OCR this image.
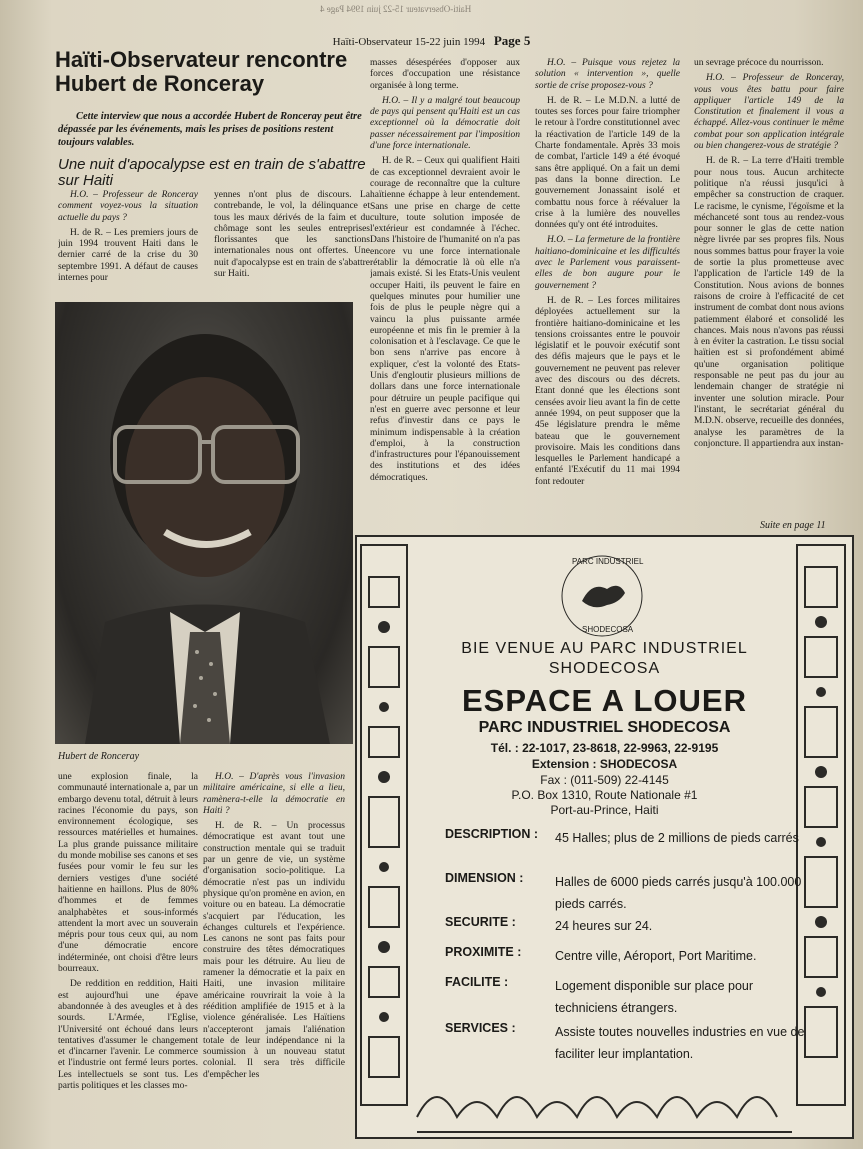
Haiti-Observateur 15-22 juin 1994 Page 4
Haïti-Observateur 15-22 juin 1994 Page 5
Haïti-Observateur rencontre Hubert de Ronceray
Cette interview que nous a accordée Hubert de Ronceray peut être dépassée par les événements, mais les prises de positions restent toujours valables.
Une nuit d'apocalypse est en train de s'abattre sur Haiti

H.O. – Professeur de Ronceray comment voyez-vous la situation actuelle du pays ?

H. de R. – Les premiers jours de juin 1994 trouvent Haiti dans le dernier carré de la crise du 30 septembre 1991. A défaut de causes internes pour

yennes n'ont plus de discours. La contrebande, le vol, la délinquance et tous les maux dérivés de la faim et du chômage sont les seules entreprises florissantes que les sanctions internationales nous ont offertes. Une nuit d'apocalypse est en train de s'abattre sur Haiti.

Hubert de Ronceray

masses désespérées d'opposer aux forces d'occupation une résistance organisée à long terme.

H.O. – Il y a malgré tout beaucoup de pays qui pensent qu'Haiti est un cas exceptionnel où la démocratie doit passer nécessairement par l'imposition d'une force internationale.

H. de R. – Ceux qui qualifient Haiti de cas exceptionnel devraient avoir le courage de reconnaître que la culture haïtienne échappe à leur entendement. Sans une prise en charge de cette culture, toute solution imposée de l'extérieur est condamnée à l'échec. Dans l'histoire de l'humanité on n'a pas encore vu une force internationale rétablir la démocratie là où elle n'a jamais existé. Si les Etats-Unis veulent occuper Haiti, ils peuvent le faire en quelques minutes pour humilier une fois de plus le peuple nègre qui a vaincu la plus puissante armée européenne et mis fin le premier à la colonisation et à l'esclavage. Ce que le bon sens n'arrive pas encore à expliquer, c'est la volonté des Etats-Unis d'engloutir plusieurs millions de dollars dans une force internationale pour détruire un peuple pacifique qui n'est en guerre avec personne et leur refus d'investir dans ce pays le minimum indispensable à la création d'emploi, à la construction d'infrastructures pour l'épanouissement des institutions et des idées démocratiques.

H.O. – Puisque vous rejetez la solution « intervention », quelle sortie de crise proposez-vous ?

H. de R. – Le M.D.N. a lutté de toutes ses forces pour faire triompher le retour à l'ordre constitutionnel avec la réactivation de l'article 149 de la Charte fondamentale. Après 33 mois de combat, l'article 149 a été évoqué sans être appliqué. On a fait un demi pas dans la bonne direction. Le gouvernement Jonassaint isolé et combattu nous force à réévaluer la crise à la lumière des nouvelles données qu'y ont été introduites.

H.O. – La fermeture de la frontière haitiano-dominicaine et les difficultés avec le Parlement vous paraissent-elles de bon augure pour le gouvernement ?

H. de R. – Les forces militaires déployées actuellement sur la frontière haitiano-dominicaine et les tensions croissantes entre le pouvoir législatif et le pouvoir exécutif sont des défis majeurs que le pays et le gouvernement ne peuvent pas relever avec des discours ou des décrets. Etant donné que les élections sont censées avoir lieu avant la fin de cette année 1994, on peut supposer que la 45e législature prendra le même bateau que le gouvernement provisoire. Mais les conditions dans lesquelles le Parlement handicapé a enfanté l'Exécutif du 11 mai 1994 font redouter

un sevrage précoce du nourrisson.

H.O. – Professeur de Ronceray, vous vous êtes battu pour faire appliquer l'article 149 de la Constitution et finalement il vous a échappé. Allez-vous continuer le même combat pour son application intégrale ou bien changerez-vous de stratégie ?

H. de R. – La terre d'Haiti tremble pour nous tous. Aucun architecte politique n'a réussi jusqu'ici à empêcher sa construction de craquer. Le racisme, le cynisme, l'égoïsme et la méchanceté sont tous au rendez-vous pour sonner le glas de cette nation nègre livrée par ses propres fils. Nous nous sommes battus pour frayer la voie de sortie la plus prometteuse avec l'application de l'article 149 de la Constitution. Nous avions de bonnes raisons de croire à l'efficacité de cet instrument de combat dont nous avions patiemment élaboré et consolidé les chances. Mais nous n'avons pas réussi à en éviter la castration. Le tissu social haïtien est si profondément abimé qu'une organisation politique responsable ne peut pas du jour au lendemain changer de stratégie ni inventer une solution miracle. Pour l'instant, le secrétariat général du M.D.N. observe, recueille des données, analyse les paramètres de la conjoncture. Il appartiendra aux instan-

Suite en page 11

une explosion finale, la communauté internationale a, par un embargo devenu total, détruit à leurs racines l'économie du pays, son environnement écologique, ses ressources matérielles et humaines. La plus grande puissance militaire du monde mobilise ses canons et ses fusées pour vomir le feu sur les derniers vestiges d'une société haitienne en haillons. Plus de 80% d'hommes et de femmes analphabètes et sous-informés attendent la mort avec un souverain mépris pour tous ceux qui, au nom d'une démocratie encore indéterminée, ont choisi d'être leurs bourreaux.

De reddition en reddition, Haiti est aujourd'hui une épave abandonnée à des aveugles et à des sourds. L'Armée, l'Eglise, l'Université ont échoué dans leurs tentatives d'assumer le changement et d'incarner l'avenir. Le commerce et l'industrie ont fermé leurs portes. Les intellectuels se sont tus. Les partis politiques et les classes mo-

H.O. – D'après vous l'invasion militaire américaine, si elle a lieu, ramènera-t-elle la démocratie en Haiti ?

H. de R. – Un processus démocratique est avant tout une construction mentale qui se traduit par un genre de vie, un système d'organisation socio-politique. La démocratie n'est pas un individu physique qu'on promène en avion, en voiture ou en bateau. La démocratie s'acquiert par l'éducation, les échanges culturels et l'expérience. Les canons ne sont pas faits pour construire des têtes démocratiques mais pour les détruire. Au lieu de ramener la démocratie et la paix en Haiti, une invasion militaire américaine rouvrirait la voie à la réédition amplifiée de 1915 et à la violence généralisée. Les Haïtiens n'accepteront jamais l'aliénation totale de leur indépendance ni la soumission à un nouveau statut colonial. Il sera très difficile d'empêcher les

PARC INDUSTRIEL
SHODECOSA
BIE VENUE AU PARC INDUSTRIEL
SHODECOSA
ESPACE A LOUER
PARC INDUSTRIEL SHODECOSA
Tél. : 22-1017, 23-8618, 22-9963, 22-9195
Extension : SHODECOSA
Fax : (011-509) 22-4145
P.O. Box 1310, Route Nationale #1
Port-au-Prince, Haiti
DESCRIPTION : 45 Halles; plus de 2 millions de pieds carrés
DIMENSION :	Halles de 6000 pieds carrés jusqu'à 100.000 pieds carrés.
SECURITE :	24 heures sur 24.
PROXIMITE :	Centre ville, Aéroport, Port Maritime.
FACILITE :	Logement disponible sur place pour techniciens étrangers.
SERVICES :	Assiste toutes nouvelles industries en vue de faciliter leur implantation.
